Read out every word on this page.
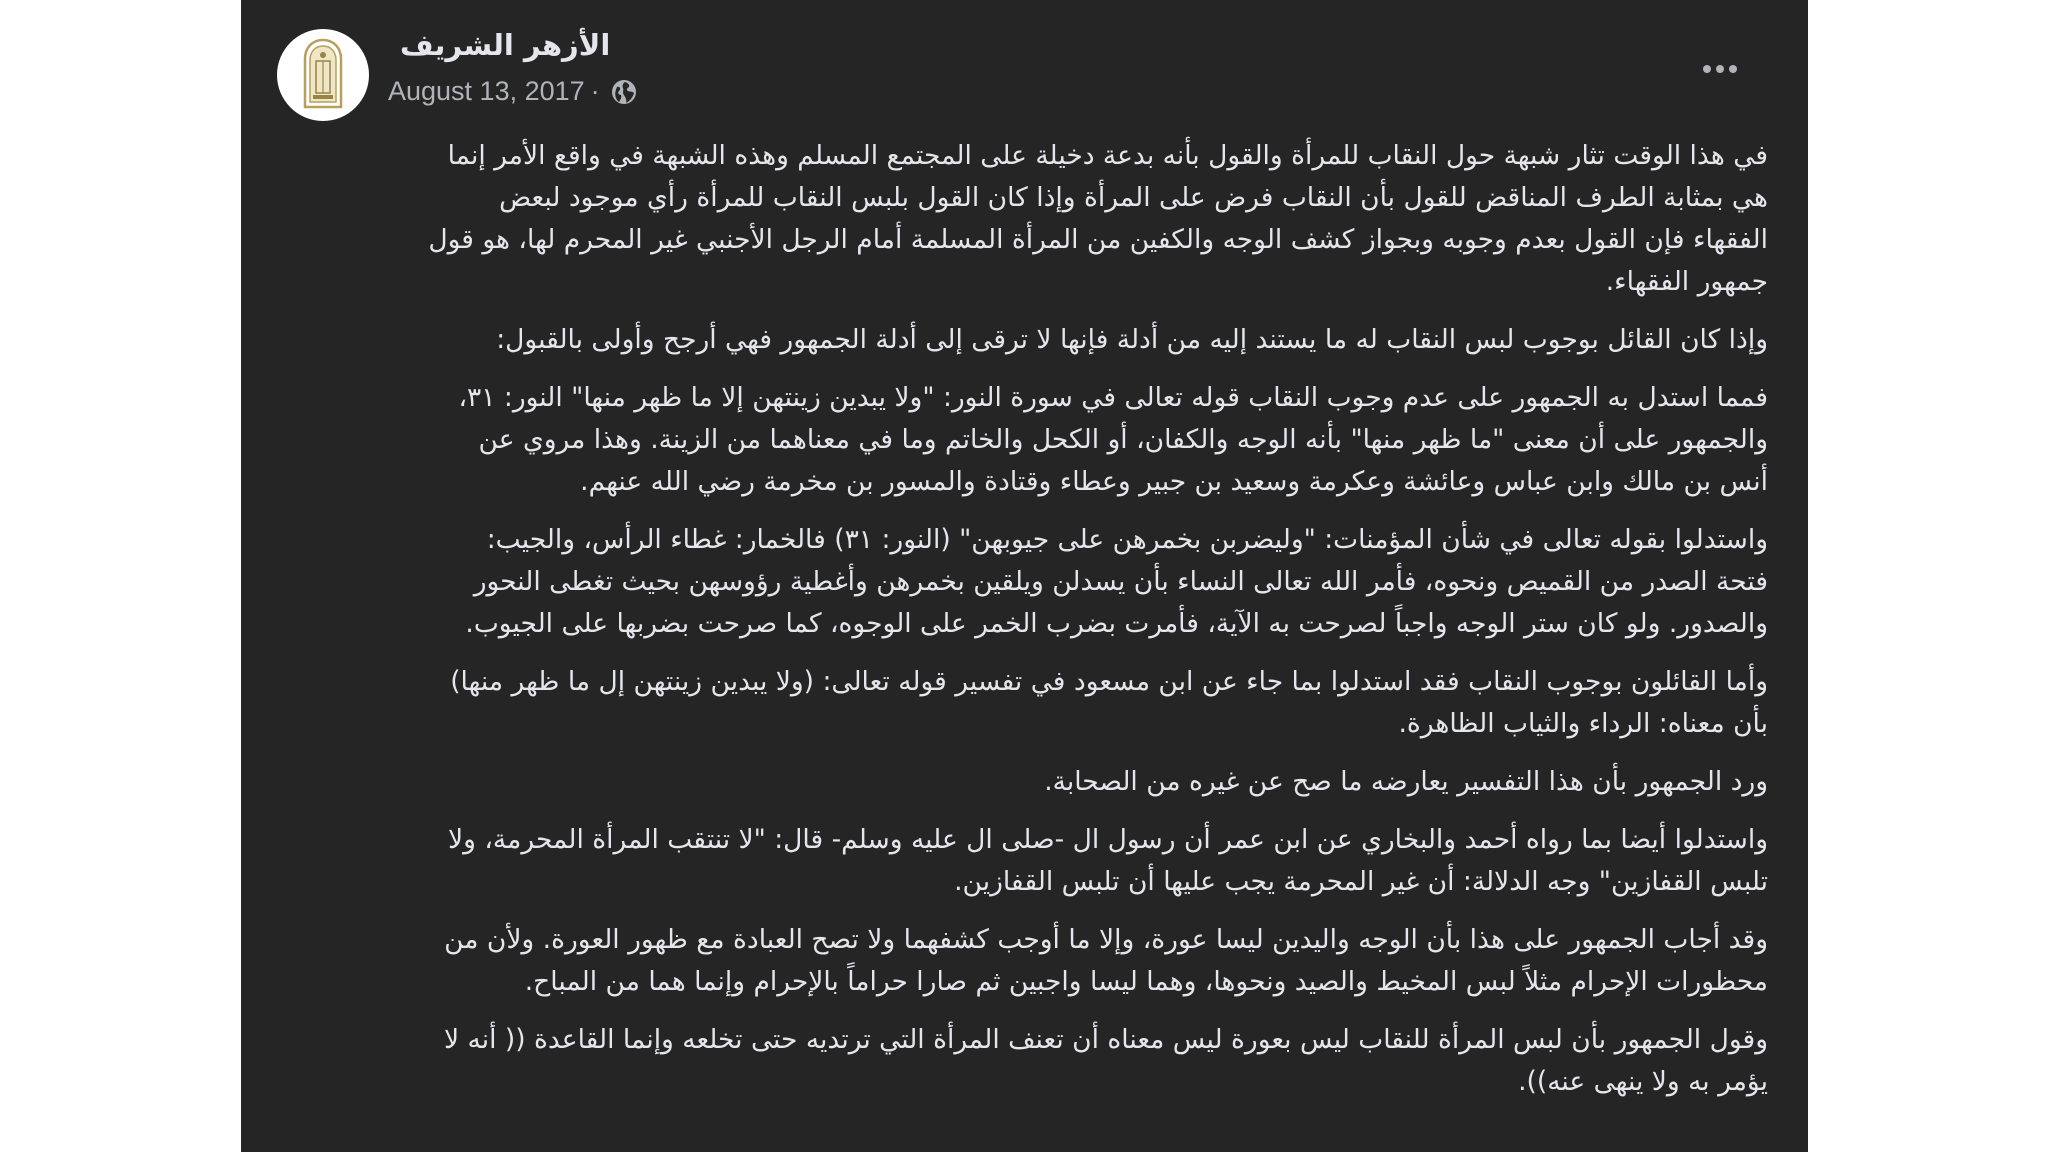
الأزهر الشريف
August 13, 2017 ·

في هذا الوقت تثار شبهة حول النقاب للمرأة والقول بأنه بدعة دخيلة على المجتمع المسلم وهذه الشبهة في واقع الأمر إنما
هي بمثابة الطرف المناقض للقول بأن النقاب فرض على المرأة وإذا كان القول بلبس النقاب للمرأة رأي موجود لبعض
الفقهاء فإن القول بعدم وجوبه وبجواز كشف الوجه والكفين من المرأة المسلمة أمام الرجل الأجنبي غير المحرم لها، هو قول
جمهور الفقهاء.

وإذا كان القائل بوجوب لبس النقاب له ما يستند إليه من أدلة فإنها لا ترقى إلى أدلة الجمهور فهي أرجح وأولى بالقبول:

فمما استدل به الجمهور على عدم وجوب النقاب قوله تعالى في سورة النور: "ولا يبدين زينتهن إلا ما ظهر منها" النور: ٣١،
والجمهور على أن معنى "ما ظهر منها" بأنه الوجه والكفان، أو الكحل والخاتم وما في معناهما من الزينة. وهذا مروي عن
أنس بن مالك وابن عباس وعائشة وعكرمة وسعيد بن جبير وعطاء وقتادة والمسور بن مخرمة رضي الله عنهم.

واستدلوا بقوله تعالى في شأن المؤمنات: "وليضربن بخمرهن على جيوبهن" (النور: ٣١) فالخمار: غطاء الرأس، والجيب:
فتحة الصدر من القميص ونحوه، فأمر الله تعالى النساء بأن يسدلن ويلقين بخمرهن وأغطية رؤوسهن بحيث تغطى النحور
والصدور. ولو كان ستر الوجه واجباً لصرحت به الآية، فأمرت بضرب الخمر على الوجوه، كما صرحت بضربها على الجيوب.

وأما القائلون بوجوب النقاب فقد استدلوا بما جاء عن ابن مسعود في تفسير قوله تعالى: (ولا يبدين زينتهن إل ما ظهر منها)
بأن معناه: الرداء والثياب الظاهرة.

ورد الجمهور بأن هذا التفسير يعارضه ما صح عن غيره من الصحابة.

واستدلوا أيضا بما رواه أحمد والبخاري عن ابن عمر أن رسول ال -صلى ال عليه وسلم- قال: "لا تنتقب المرأة المحرمة، ولا
تلبس القفازين" وجه الدلالة: أن غير المحرمة يجب عليها أن تلبس القفازين.

وقد أجاب الجمهور على هذا بأن الوجه واليدين ليسا عورة، وإلا ما أوجب كشفهما ولا تصح العبادة مع ظهور العورة. ولأن من
محظورات الإحرام مثلاً لبس المخيط والصيد ونحوها، وهما ليسا واجبين ثم صارا حراماً بالإحرام وإنما هما من المباح.

وقول الجمهور بأن لبس المرأة للنقاب ليس بعورة ليس معناه أن تعنف المرأة التي ترتديه حتى تخلعه وإنما القاعدة (( أنه لا
يؤمر به ولا ينهى عنه)).
